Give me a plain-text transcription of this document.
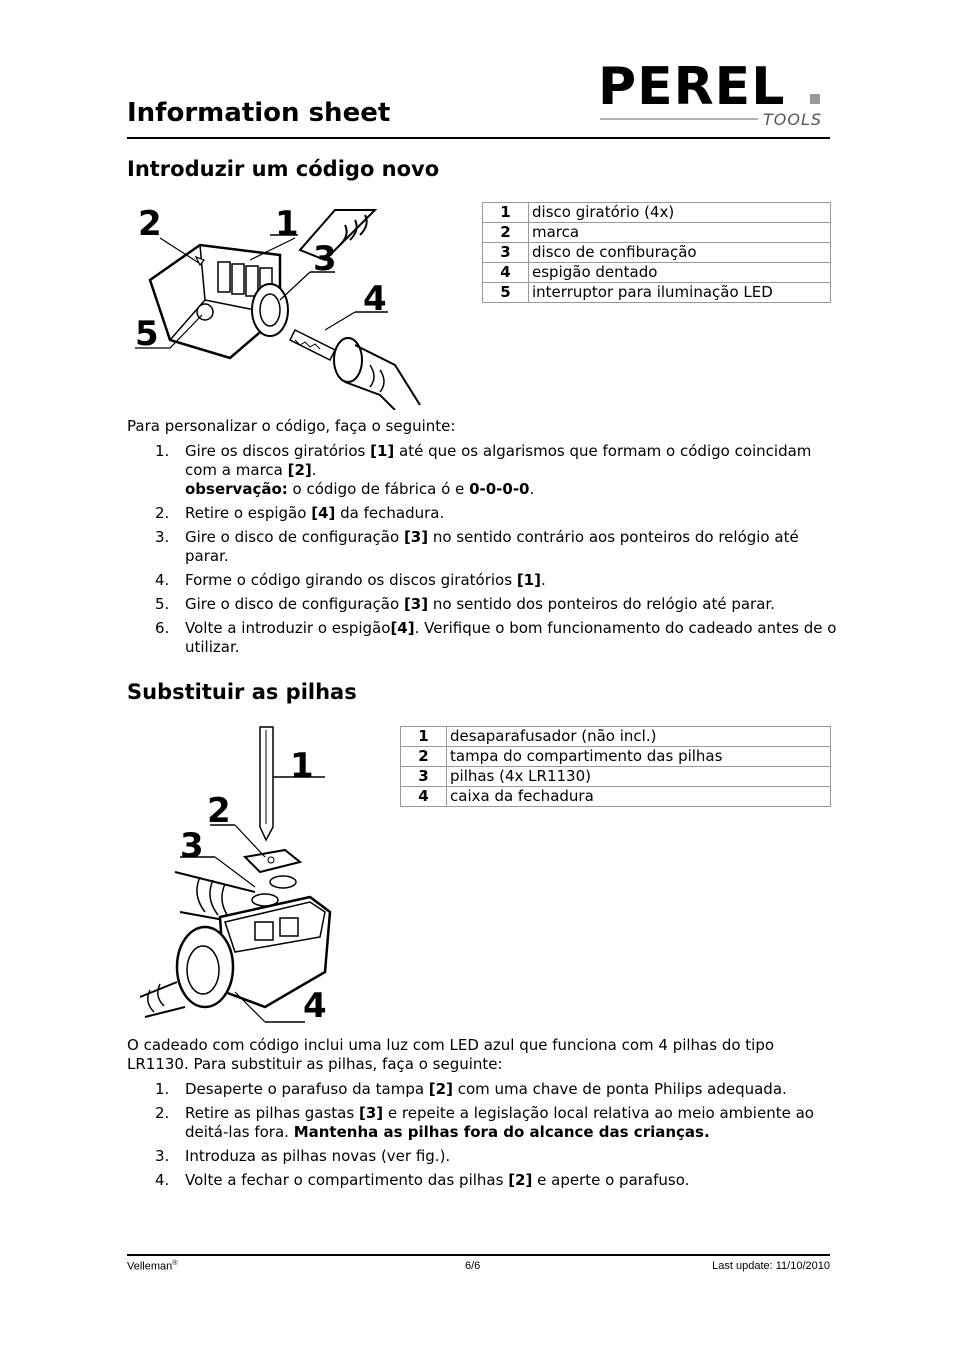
Information sheet	PEREL
TOOLS
Introduzir um código novo
2	1
3
4
5
1	disco giratório (4x)
2	marca
3	disco de confiburação
4	espigão dentado
5	interruptor para iluminação LED
Para personalizar o código, faça o seguinte:
1. Gire os discos giratórios [1] até que os algarismos que formam o código coincidam com a marca [2].
observação: o código de fábrica ó e 0-0-0-0.
2. Retire o espigão [4] da fechadura.
3. Gire o disco de configuração [3] no sentido contrário aos ponteiros do relógio até parar.
4. Forme o código girando os discos giratórios [1].
5. Gire o disco de configuração [3] no sentido dos ponteiros do relógio até parar.
6. Volte a introduzir o espigão[4]. Verifique o bom funcionamento do cadeado antes de o utilizar.
Substituir as pilhas
1
2
3
4
1	desaparafusador (não incl.)
2	tampa do compartimento das pilhas
3	pilhas (4x LR1130)
4	caixa da fechadura
O cadeado com código inclui uma luz com LED azul que funciona com 4 pilhas do tipo LR1130. Para substituir as pilhas, faça o seguinte:
1. Desaperte o parafuso da tampa [2] com uma chave de ponta Philips adequada.
2. Retire as pilhas gastas [3] e repeite a legislação local relativa ao meio ambiente ao deitá-las fora. Mantenha as pilhas fora do alcance das crianças.
3. Introduza as pilhas novas (ver fig.).
4. Volte a fechar o compartimento das pilhas [2] e aperte o parafuso.
Velleman®	6/6	Last update: 11/10/2010
